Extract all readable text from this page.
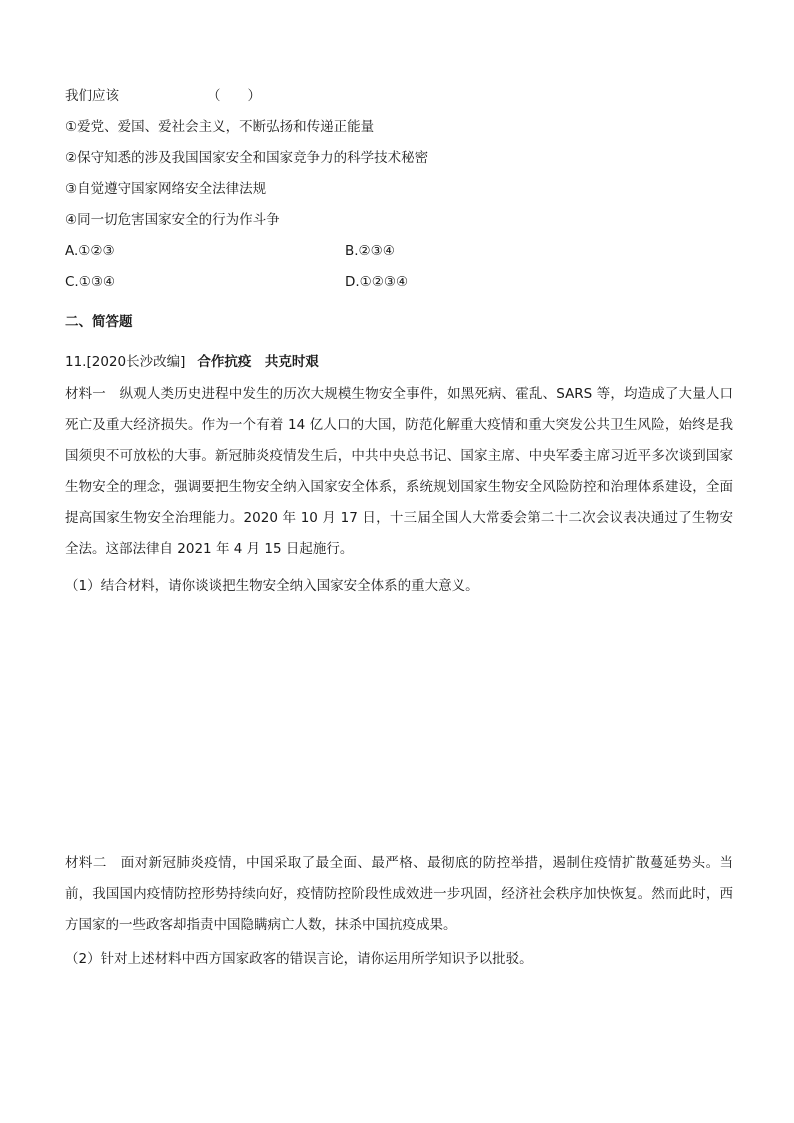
我们应该	（　　）
①爱党、爱国、爱社会主义，不断弘扬和传递正能量
②保守知悉的涉及我国国家安全和国家竞争力的科学技术秘密
③自觉遵守国家网络安全法律法规
④同一切危害国家安全的行为作斗争
A.①②③	B.②③④
C.①③④	D.①②③④
二、简答题
11.[2020长沙改编] 合作抗疫　共克时艰
材料一　纵观人类历史进程中发生的历次大规模生物安全事件，如黑死病、霍乱、SARS 等，均造成了大量人口死亡及重大经济损失。作为一个有着 14 亿人口的大国，防范化解重大疫情和重大突发公共卫生风险，始终是我国须臾不可放松的大事。新冠肺炎疫情发生后，中共中央总书记、国家主席、中央军委主席习近平多次谈到国家生物安全的理念，强调要把生物安全纳入国家安全体系，系统规划国家生物安全风险防控和治理体系建设，全面提高国家生物安全治理能力。2020 年 10 月 17 日，十三届全国人大常委会第二十二次会议表决通过了生物安全法。这部法律自 2021 年 4 月 15 日起施行。
（1）结合材料，请你谈谈把生物安全纳入国家安全体系的重大意义。
材料二　面对新冠肺炎疫情，中国采取了最全面、最严格、最彻底的防控举措，遏制住疫情扩散蔓延势头。当前，我国国内疫情防控形势持续向好，疫情防控阶段性成效进一步巩固，经济社会秩序加快恢复。然而此时，西方国家的一些政客却指责中国隐瞒病亡人数，抹杀中国抗疫成果。
（2）针对上述材料中西方国家政客的错误言论，请你运用所学知识予以批驳。
